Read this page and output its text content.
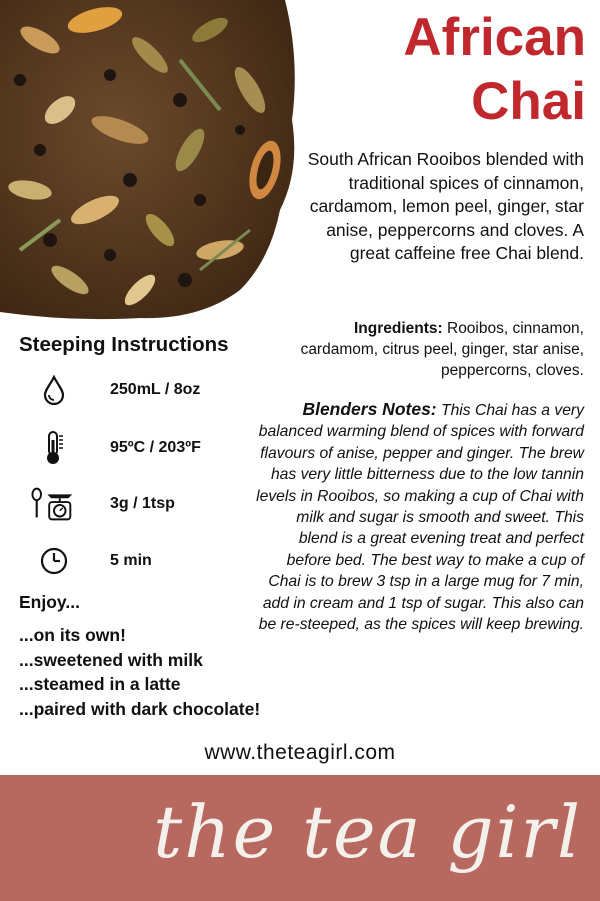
African
Chai
South African Rooibos blended with traditional spices of cinnamon, cardamom, lemon peel, ginger, star anise, peppercorns and cloves. A great caffeine free Chai blend.
Ingredients: Rooibos, cinnamon, cardamom, citrus peel, ginger, star anise, peppercorns, cloves.
Blenders Notes: This Chai has a very balanced warming blend of spices with forward flavours of anise, pepper and ginger. The brew has very little bitterness due to the low tannin levels in Rooibos, so making a cup of Chai with milk and sugar is smooth and sweet. This blend is a great evening treat and perfect before bed. The best way to make a cup of Chai is to brew 3 tsp in a large mug for 7 min, add in cream and 1 tsp of sugar. This also can be re-steeped, as the spices will keep brewing.
Steeping Instructions
250mL / 8oz
95ºC / 203ºF
3g / 1tsp
5 min
Enjoy...
...on its own!
...sweetened with milk
...steamed in a latte
...paired with dark chocolate!
www.theteagirl.com
the tea girl
